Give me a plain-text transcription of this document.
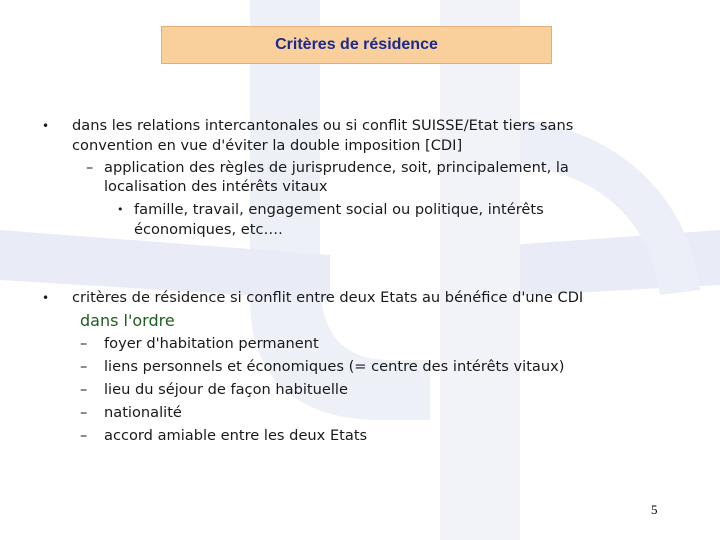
Critères de résidence
• dans les relations intercantonales ou si conflit SUISSE/Etat tiers sans
convention en vue d'éviter la double imposition [CDI]
– application des règles de jurisprudence, soit, principalement, la
localisation des intérêts vitaux
• famille, travail, engagement social ou politique, intérêts
économiques, etc….
• critères de résidence si conflit entre deux Etats au bénéfice d'une CDI
dans l'ordre
– foyer d'habitation permanent
– liens personnels et économiques (= centre des intérêts vitaux)
– lieu du séjour de façon habituelle
– nationalité
– accord amiable entre les deux Etats
5
